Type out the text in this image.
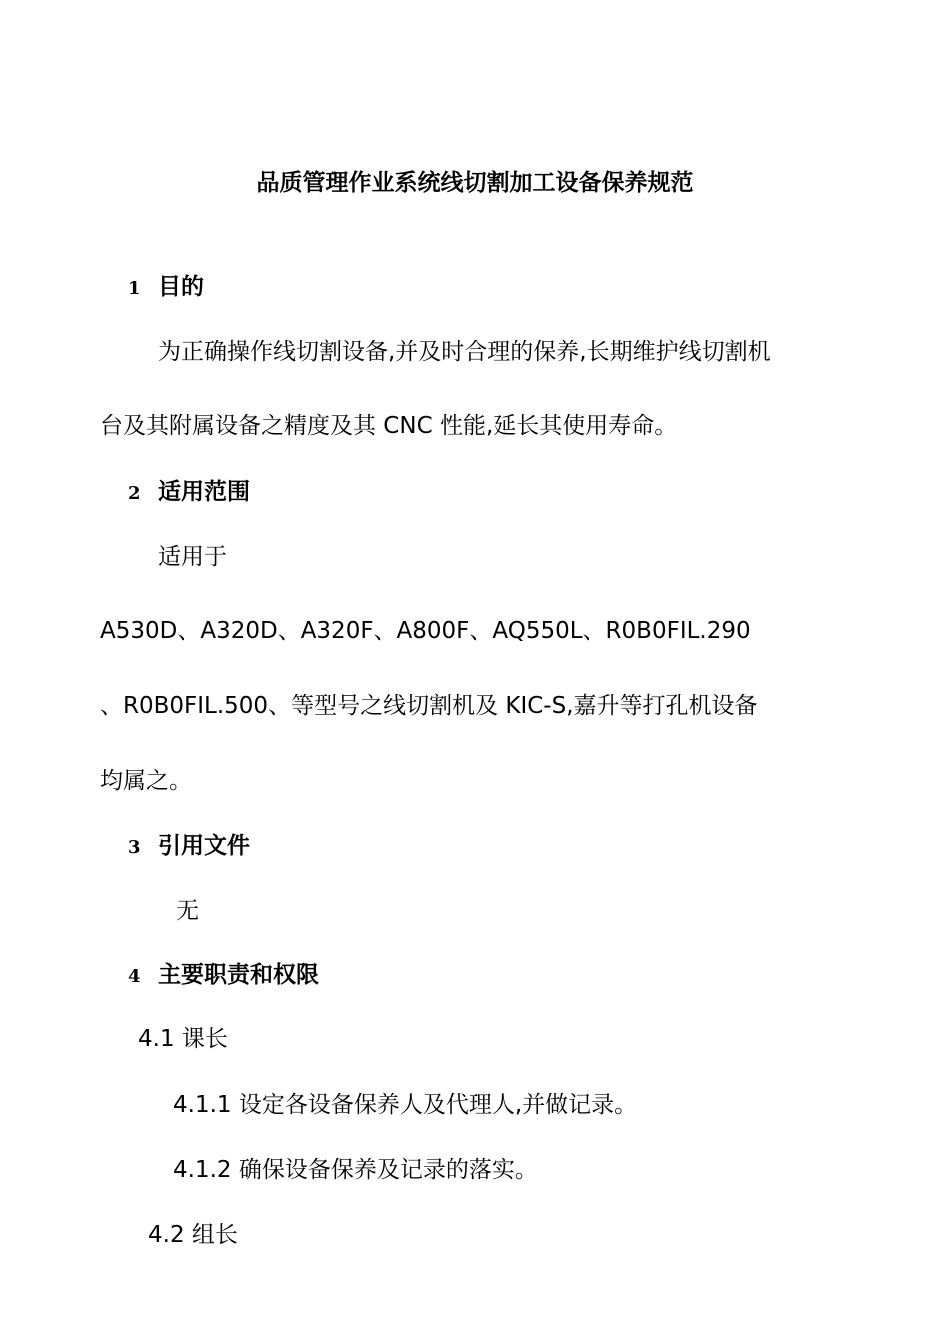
品质管理作业系统线切割加工设备保养规范
1 目的
为正确操作线切割设备,并及时合理的保养,长期维护线切割机
台及其附属设备之精度及其 CNC 性能,延长其使用寿命。
2 适用范围
适用于
A530D、A320D、A320F、A800F、AQ550L、R0B0FIL.290
、R0B0FIL.500、等型号之线切割机及 KIC-S,嘉升等打孔机设备
均属之。
3 引用文件
无
4 主要职责和权限
4.1 课长
4.1.1 设定各设备保养人及代理人,并做记录。
4.1.2 确保设备保养及记录的落实。
4.2 组长
